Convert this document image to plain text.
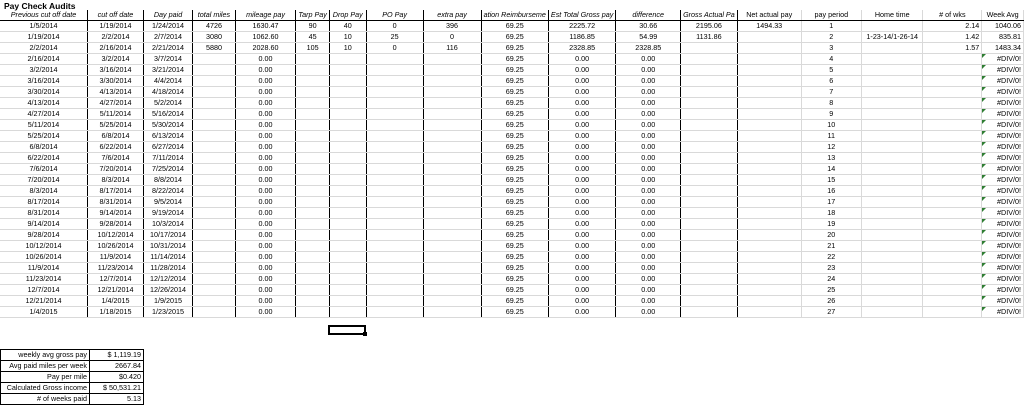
Pay Check Audits
Previous cut off date	cut off date	Day paid	total miles	mileage pay	Tarp Pay	Drop Pay	PO Pay	extra pay	ation Reimburseme	Est Total Gross pay	difference	Gross Actual Pa	Net actual pay	pay period	Home time	# of wks	Week Avg
1/5/2014	1/19/2014	1/24/2014	4726	1630.47	90	40	0	396	69.25	2225.72	30.66	2195.06	1494.33	1		2.14	1040.06
1/19/2014	2/2/2014	2/7/2014	3080	1062.60	45	10	25	0	69.25	1186.85	54.99	1131.86		2	1-23-14/1-26-14	1.42	835.81
2/2/2014	2/16/2014	2/21/2014	5880	2028.60	105	10	0	116	69.25	2328.85	2328.85			3		1.57	1483.34
2/16/2014	3/2/2014	3/7/2014		0.00					69.25	0.00	0.00			4			#DIV/0!
3/2/2014	3/16/2014	3/21/2014		0.00					69.25	0.00	0.00			5			#DIV/0!
3/16/2014	3/30/2014	4/4/2014		0.00					69.25	0.00	0.00			6			#DIV/0!
3/30/2014	4/13/2014	4/18/2014		0.00					69.25	0.00	0.00			7			#DIV/0!
4/13/2014	4/27/2014	5/2/2014		0.00					69.25	0.00	0.00			8			#DIV/0!
4/27/2014	5/11/2014	5/16/2014		0.00					69.25	0.00	0.00			9			#DIV/0!
5/11/2014	5/25/2014	5/30/2014		0.00					69.25	0.00	0.00			10			#DIV/0!
5/25/2014	6/8/2014	6/13/2014		0.00					69.25	0.00	0.00			11			#DIV/0!
6/8/2014	6/22/2014	6/27/2014		0.00					69.25	0.00	0.00			12			#DIV/0!
6/22/2014	7/6/2014	7/11/2014		0.00					69.25	0.00	0.00			13			#DIV/0!
7/6/2014	7/20/2014	7/25/2014		0.00					69.25	0.00	0.00			14			#DIV/0!
7/20/2014	8/3/2014	8/8/2014		0.00					69.25	0.00	0.00			15			#DIV/0!
8/3/2014	8/17/2014	8/22/2014		0.00					69.25	0.00	0.00			16			#DIV/0!
8/17/2014	8/31/2014	9/5/2014		0.00					69.25	0.00	0.00			17			#DIV/0!
8/31/2014	9/14/2014	9/19/2014		0.00					69.25	0.00	0.00			18			#DIV/0!
9/14/2014	9/28/2014	10/3/2014		0.00					69.25	0.00	0.00			19			#DIV/0!
9/28/2014	10/12/2014	10/17/2014		0.00					69.25	0.00	0.00			20			#DIV/0!
10/12/2014	10/26/2014	10/31/2014		0.00					69.25	0.00	0.00			21			#DIV/0!
10/26/2014	11/9/2014	11/14/2014		0.00					69.25	0.00	0.00			22			#DIV/0!
11/9/2014	11/23/2014	11/28/2014		0.00					69.25	0.00	0.00			23			#DIV/0!
11/23/2014	12/7/2014	12/12/2014		0.00					69.25	0.00	0.00			24			#DIV/0!
12/7/2014	12/21/2014	12/26/2014		0.00					69.25	0.00	0.00			25			#DIV/0!
12/21/2014	1/4/2015	1/9/2015		0.00					69.25	0.00	0.00			26			#DIV/0!
1/4/2015	1/18/2015	1/23/2015		0.00					69.25	0.00	0.00			27			#DIV/0!
weekly avg gross pay	$ 1,119.19
Avg paid miles per week	2667.84
Pay per mile	$0.420
Calculated Gross income	$ 50,531.21
# of weeks paid	5.13
